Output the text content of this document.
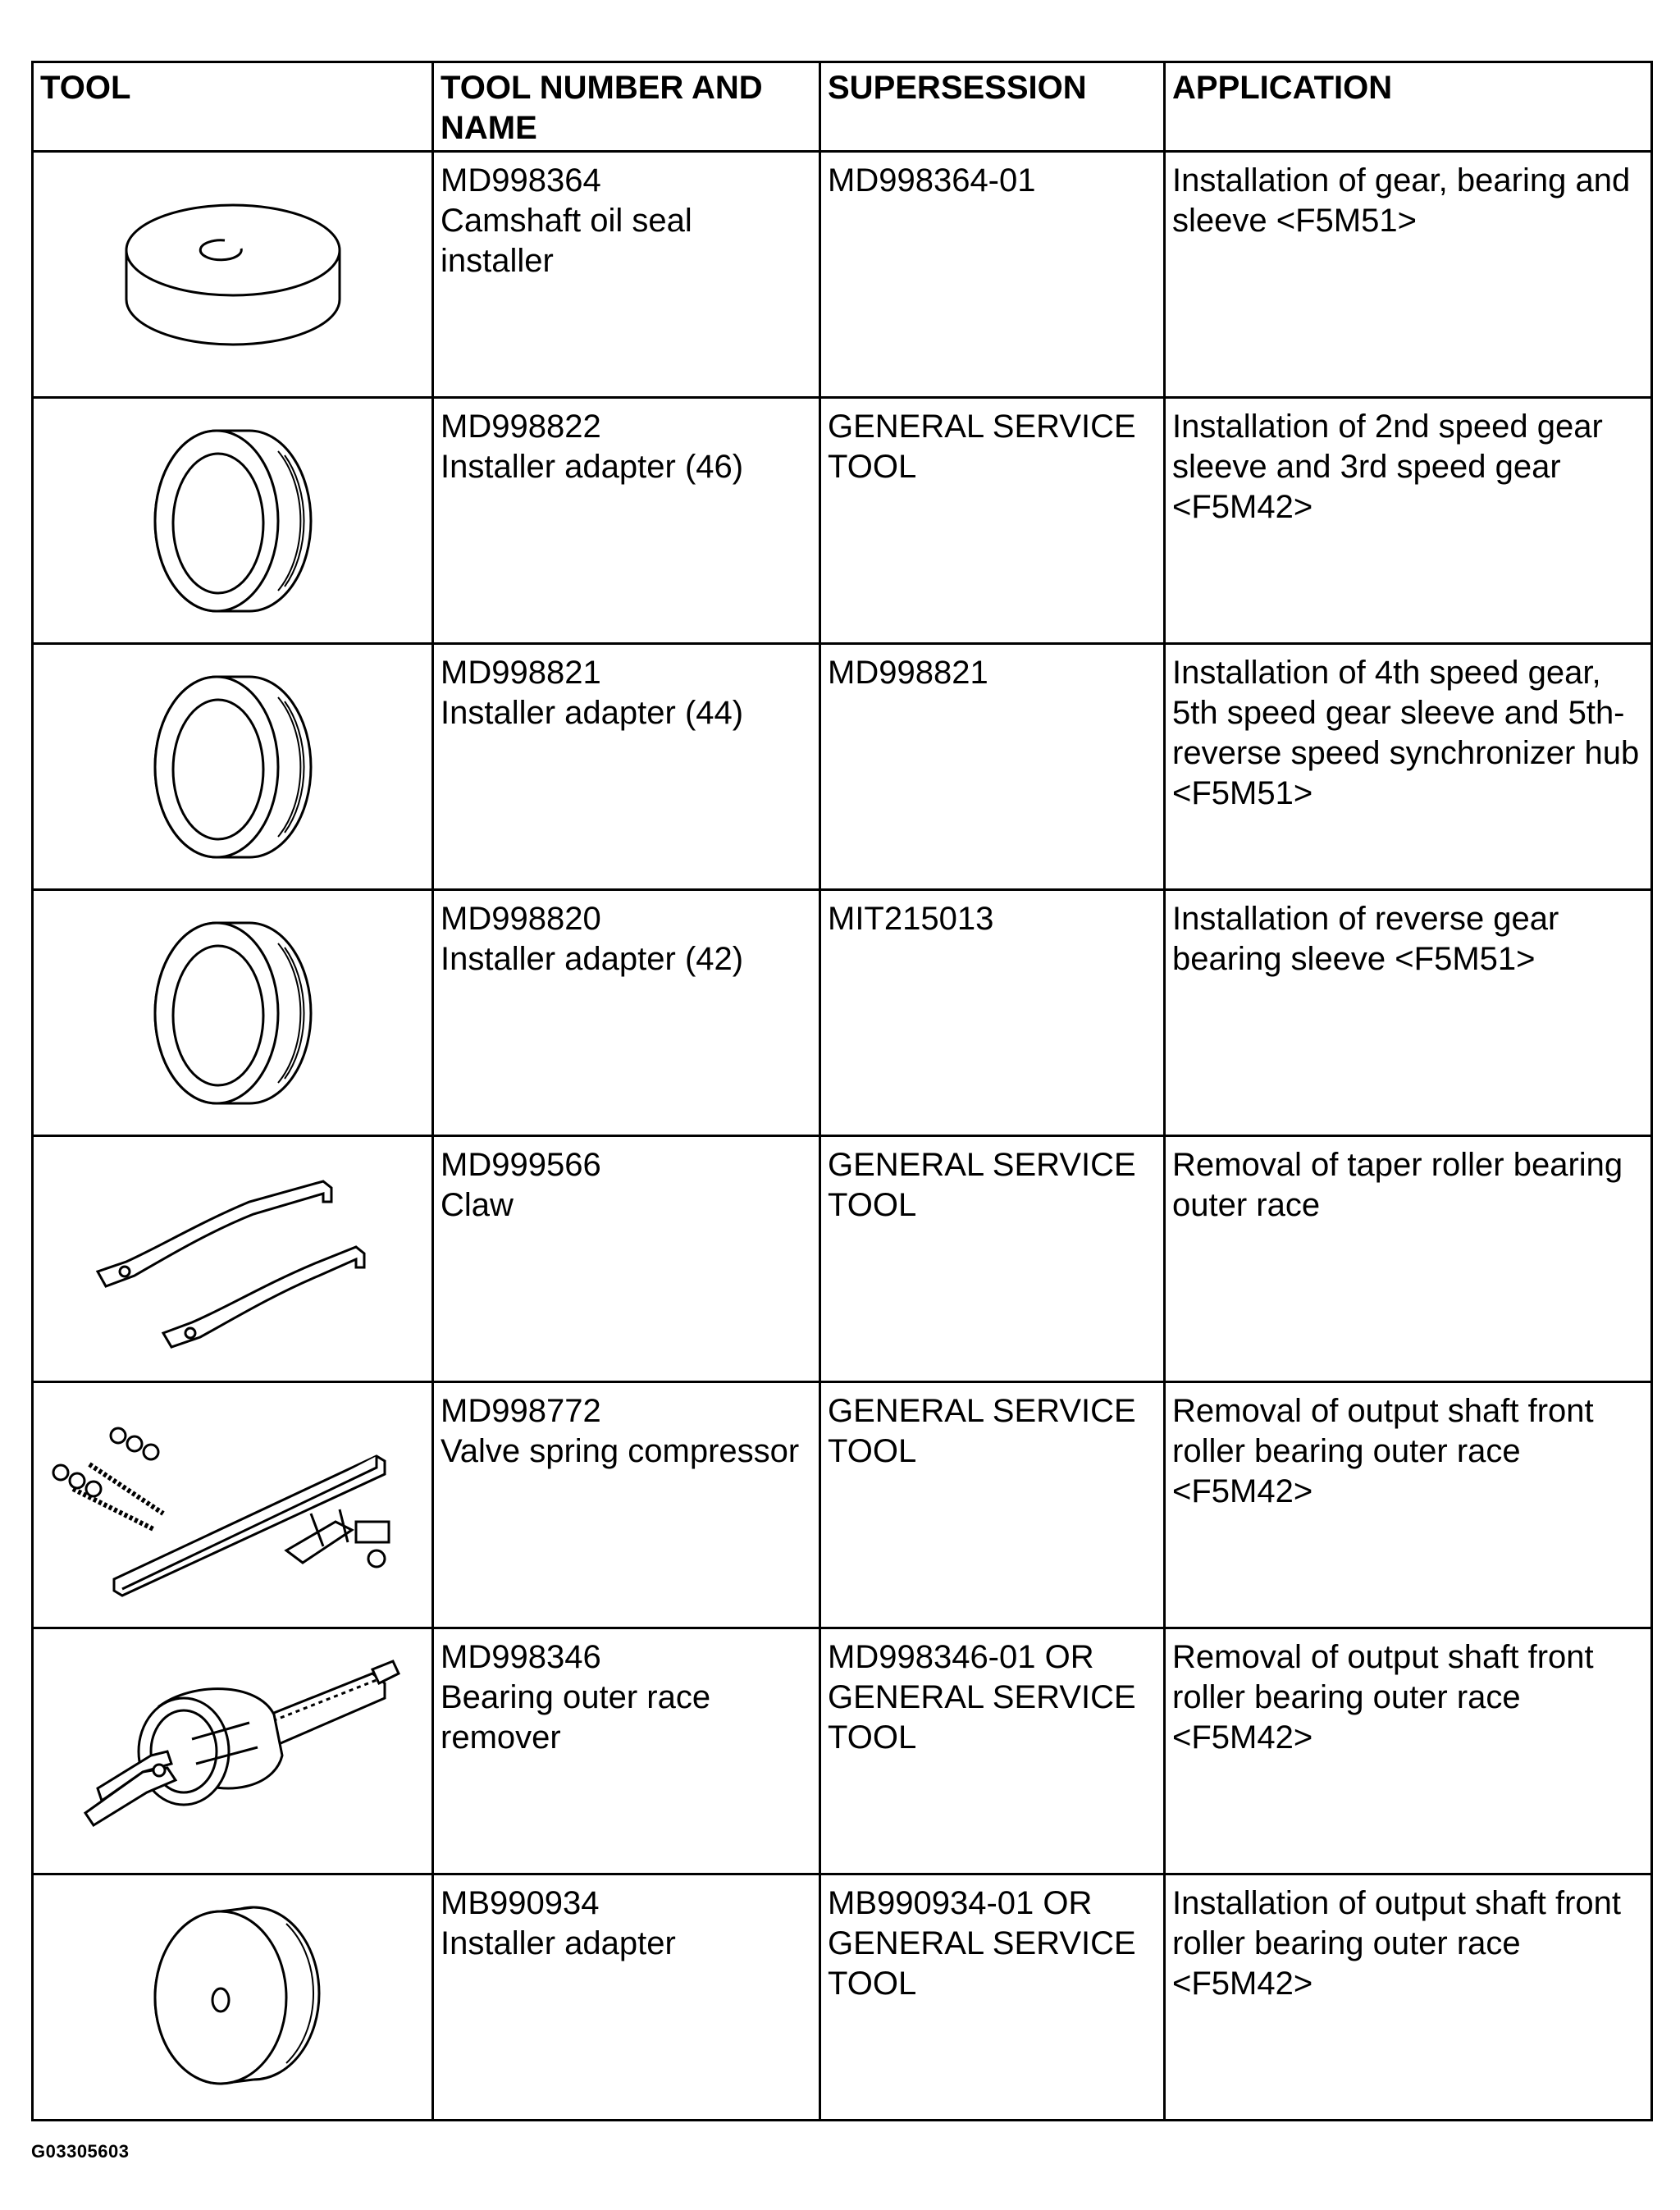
TOOL	TOOL NUMBER AND NAME	SUPERSESSION	APPLICATION

MD998364
Camshaft oil seal installer	MD998364-01	Installation of gear, bearing and sleeve <F5M51>

MD998822
Installer adapter (46)	GENERAL SERVICE TOOL	Installation of 2nd speed gear sleeve and 3rd speed gear <F5M42>

MD998821
Installer adapter (44)	MD998821	Installation of 4th speed gear, 5th speed gear sleeve and 5th-reverse speed synchronizer hub <F5M51>

MD998820
Installer adapter (42)	MIT215013	Installation of reverse gear bearing sleeve <F5M51>

MD999566
Claw	GENERAL SERVICE TOOL	Removal of taper roller bearing outer race

MD998772
Valve spring compressor	GENERAL SERVICE TOOL	Removal of output shaft front roller bearing outer race <F5M42>

MD998346
Bearing outer race remover	MD998346-01 OR GENERAL SERVICE TOOL	Removal of output shaft front roller bearing outer race <F5M42>

MB990934
Installer adapter	MB990934-01 OR GENERAL SERVICE TOOL	Installation of output shaft front roller bearing outer race <F5M42>
G03305603
